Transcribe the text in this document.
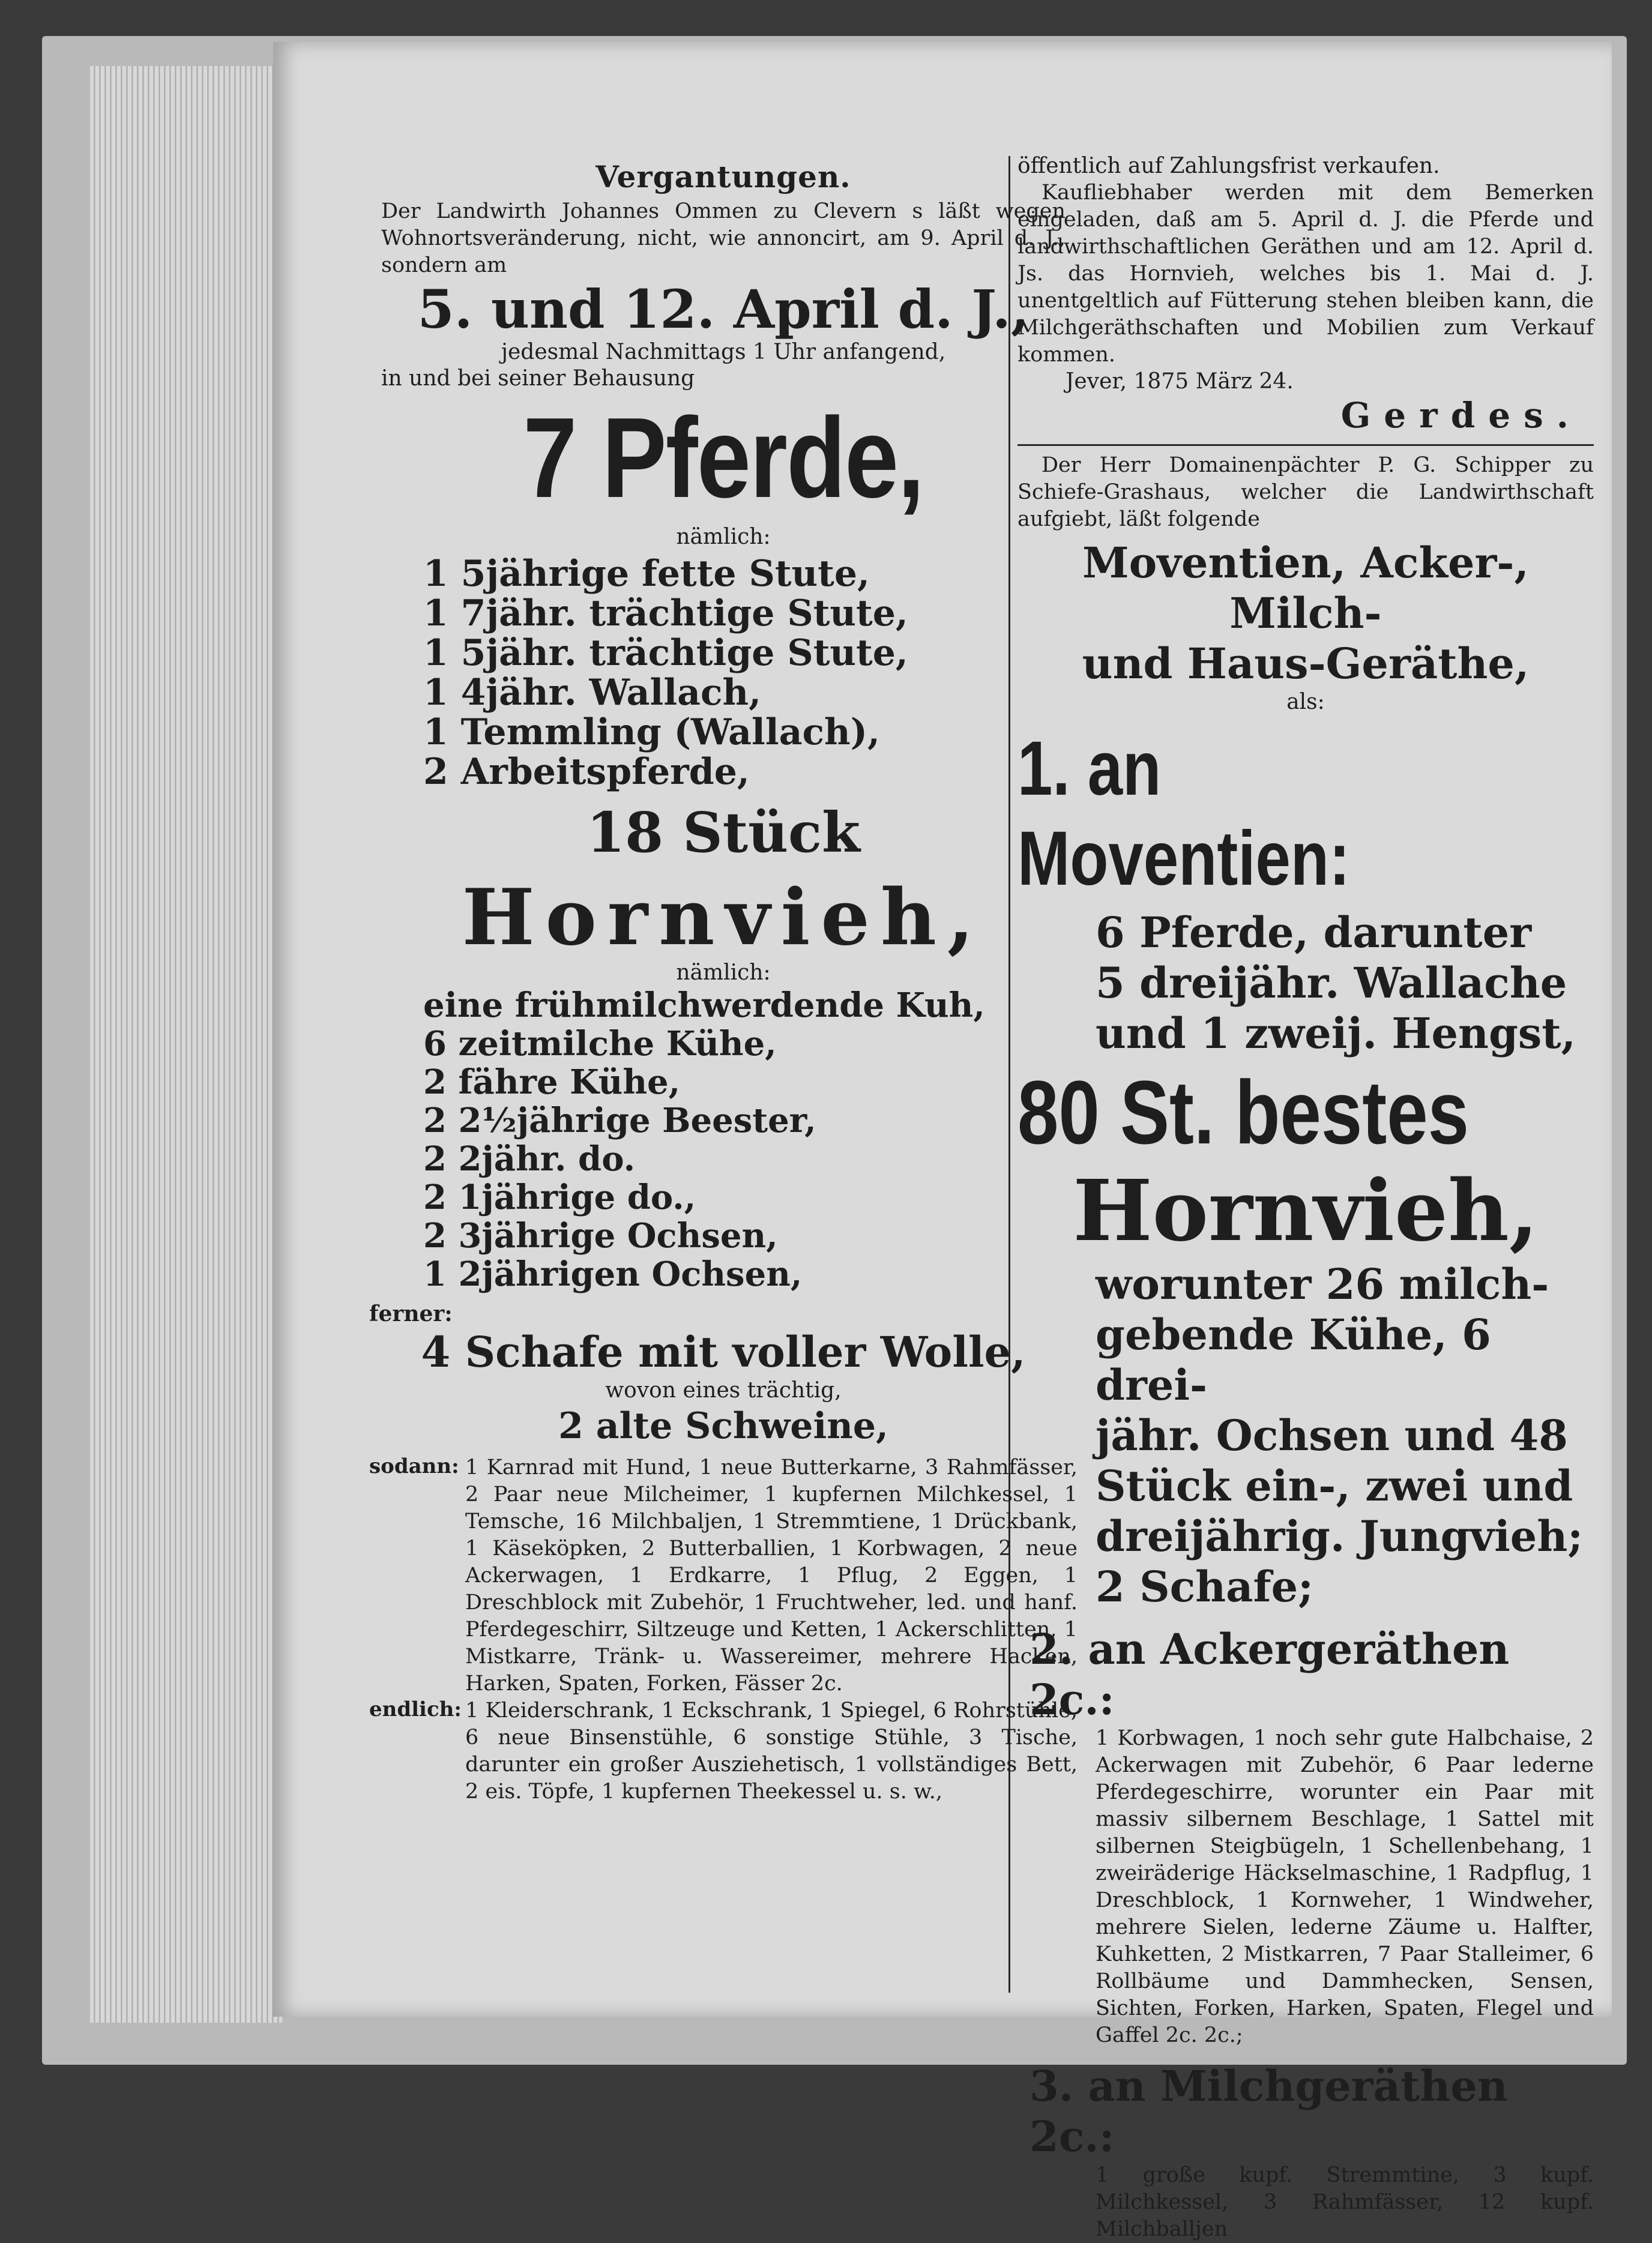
Vergantungen.
Der Landwirth Johannes Ommen zu Clevern s läßt wegen Wohnortsveränderung, nicht, wie annoncirt, am 9. April d. J., sondern am
5. und 12. April d. J.,
jedesmal Nachmittags 1 Uhr anfangend,
in und bei seiner Behausung
7 Pferde,
nämlich:
1 5jährige fette Stute,
1 7jähr. trächtige Stute,
1 5jähr. trächtige Stute,
1 4jähr. Wallach,
1 Temmling (Wallach),
2 Arbeitspferde,
18 Stück
Hornvieh,
nämlich:
eine frühmilchwerdende Kuh,
6 zeitmilche Kühe,
2 fähre Kühe,
2 2½jährige Beester,
2 2jähr. do.
2 1jährige do.,
2 3jährige Ochsen,
1 2jährigen Ochsen,
ferner:
4 Schafe mit voller Wolle,
wovon eines trächtig,
2 alte Schweine,
sodann: 1 Karnrad mit Hund, 1 neue Butterkarne, 3 Rahmfässer, 2 Paar neue Milcheimer, 1 kupfernen Milchkessel, 1 Temsche, 16 Milchbaljen, 1 Stremmtiene, 1 Drückbank, 1 Käseköpken, 2 Butterballien, 1 Korbwagen, 2 neue Ackerwagen, 1 Erdkarre, 1 Pflug, 2 Eggen, 1 Dreschblock mit Zubehör, 1 Fruchtweher, led. und hanf. Pferdegeschirr, Siltzeuge und Ketten, 1 Ackerschlitten, 1 Mistkarre, Tränk- u. Wassereimer, mehrere Hacken, Harken, Spaten, Forken, Fässer 2c.
endlich: 1 Kleiderschrank, 1 Eckschrank, 1 Spiegel, 6 Rohrstühle, 6 neue Binsenstühle, 6 sonstige Stühle, 3 Tische, darunter ein großer Ausziehetisch, 1 vollständiges Bett, 2 eis. Töpfe, 1 kupfernen Theekessel u. s. w.,
öffentlich auf Zahlungsfrist verkaufen.
Kaufliebhaber werden mit dem Bemerken eingeladen, daß am 5. April d. J. die Pferde und landwirthschaftlichen Geräthen und am 12. April d. Js. das Hornvieh, welches bis 1. Mai d. J. unentgeltlich auf Fütterung stehen bleiben kann, die Milchgeräthschaften und Mobilien zum Verkauf kommen.
Jever, 1875 März 24.
Gerdes.
Der Herr Domainenpächter P. G. Schipper zu Schiefe-Grashaus, welcher die Landwirthschaft aufgiebt, läßt folgende
Moventien, Acker-, Milch-
und Haus-Geräthe,
als:
1. an Moventien:
6 Pferde, darunter
5 dreijähr. Wallache
und 1 zweij. Hengst,
80 St. bestes
Hornvieh,
worunter 26 milch-
gebende Kühe, 6 drei-
jähr. Ochsen und 48
Stück ein-, zwei und
dreijährig. Jungvieh;
2 Schafe;
2. an Ackergeräthen 2c.:
1 Korbwagen, 1 noch sehr gute Halbchaise, 2 Ackerwagen mit Zubehör, 6 Paar lederne Pferdegeschirre, worunter ein Paar mit massiv silbernem Beschlage, 1 Sattel mit silbernen Steigbügeln, 1 Schellenbehang, 1 zweiräderige Häckselmaschine, 1 Radpflug, 1 Dreschblock, 1 Kornweher, 1 Windweher, mehrere Sielen, lederne Zäume u. Halfter, Kuhketten, 2 Mistkarren, 7 Paar Stalleimer, 6 Rollbäume und Dammhecken, Sensen, Sichten, Forken, Harken, Spaten, Flegel und Gaffel 2c. 2c.;
3. an Milchgeräthen 2c.:
1 große kupf. Stremmtine, 3 kupf. Milchkessel, 3 Rahmfässer, 12 kupf. Milchballjen
